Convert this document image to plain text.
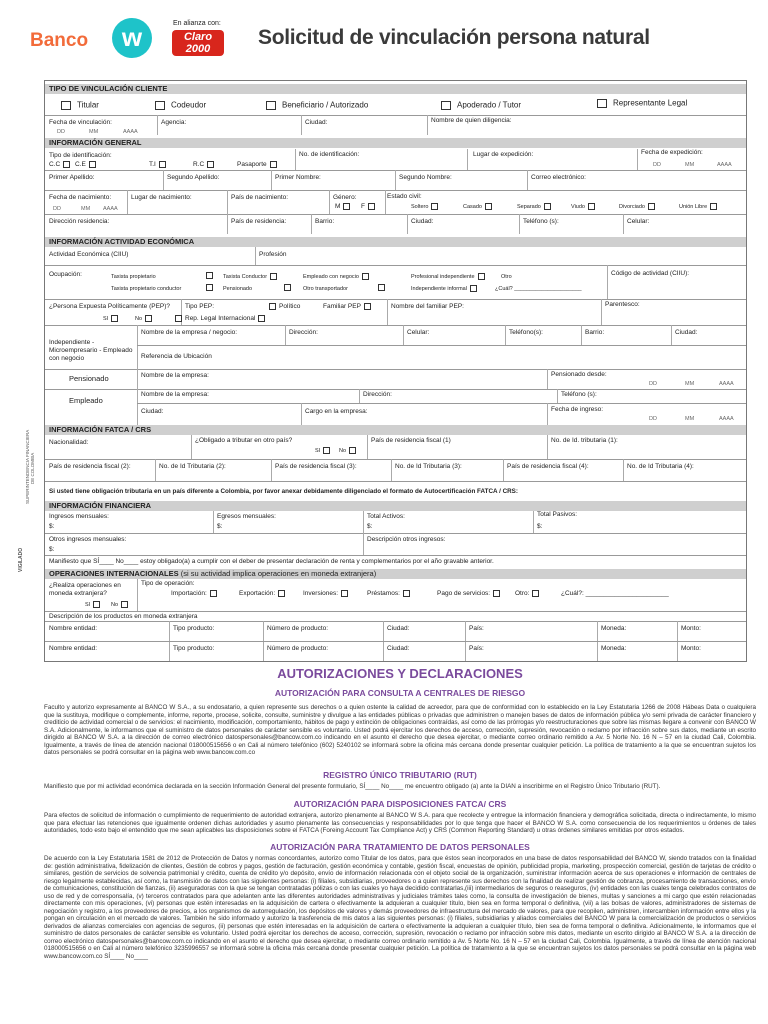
Banco	w	En alianza con:
Claro
2000	Solicitud de vinculación persona natural
VIGILADO
SUPERINTENDENCIA FINANCIERA DE COLOMBIA
TIPO DE VINCULACIÓN CLIENTE
Titular	Codeudor	Beneficiario / Autorizado	Apoderado / Tutor	Representante Legal
Fecha de vinculación:
DD	MM	AAAA
Agencia:	Ciudad:	Nombre de quien diligencia:
INFORMACIÓN GENERAL
Tipo de identificación:
C.C	C.E	T.I	R.C	Pasaporte
No. de identificación:	Lugar de expedición:	Fecha de expedición:
DD	MM	AAAA
Primer Apellido:	Segundo Apellido:	Primer Nombre:	Segundo Nombre:	Correo electrónico:
Fecha de nacimiento:
DD	MM AAAA
Lugar de nacimiento:	País de nacimiento:	Género:
M	F
Estado civil:
Soltero	Casado	Separado	Viudo	Divorciado	Unión Libre
Dirección residencia:	País de residencia:	Barrio:	Ciudad:	Teléfono (s):	Celular:
INFORMACIÓN ACTIVIDAD ECONÓMICA
Actividad Económica (CIIU)	Profesión
Ocupación:	Taxista propietario	Taxista Conductor	Empleado con negocio	Profesional independiente	Otro	Código de actividad (CIIU):
Taxista propietario conductor	Pensionado	Otro transportador	Independiente informal	¿Cuál? ______________________
¿Persona Expuesta Políticamente (PEP)?
SI	No
Tipo PEP:	Político	Familiar PEP
Rep. Legal Internacional
Nombre del familiar PEP:	Parentesco:
Independiente - Microempresario - Empleado con negocio
Nombre de la empresa / negocio:	Dirección:	Celular:	Teléfono(s):	Barrio:	Ciudad:
Referencia de Ubicación
Pensionado	Nombre de la empresa:	Pensionado desde:
DD	MM	AAAA
Empleado
Nombre de la empresa:	Dirección:	Teléfono (s):
Ciudad:	Cargo en la empresa:	Fecha de ingreso:
DD	MM	AAAA
INFORMACIÓN FATCA / CRS
Nacionalidad:	¿Obligado a tributar en otro país?
SI	No
País de residencia fiscal (1)	No. de Id. tributaria (1):
País de residencia fiscal (2):	No. de Id Tributaria (2):	País de residencia fiscal (3):	No. de Id Tributaria (3):	País de residencia fiscal (4):	No. de Id Tributaria (4):
Si usted tiene obligación tributaria en un país diferente a Colombia, por favor anexar debidamente diligenciado el formato de Autocertificación FATCA / CRS:
INFORMACIÓN FINANCIERA
Ingresos mensuales:
$:
Egresos mensuales:
$:
Total Activos:
$:
Total Pasivos:
$:
Otros ingresos mensuales:
$:
Descripción otros ingresos:
Manifiesto que SÍ____ No____ estoy obligado(a) a cumplir con el deber de presentar declaración de renta y complementarios por el año gravable anterior.
OPERACIONES INTERNACIONALES (si su actividad implica operaciones en moneda extranjera)
¿Realiza operaciones en moneda extranjera?
SI	No
Tipo de operación:
Importación:	Exportación:	Inversiones:	Préstamos:	Pago de servicios:	Otro:	¿Cuál?: _______________________
Descripción de los productos en moneda extranjera
Nombre entidad:	Tipo producto:	Número de producto:	Ciudad:	País:	Moneda:	Monto:
Nombre entidad:	Tipo producto:	Número de producto:	Ciudad:	País:	Moneda:	Monto:
AUTORIZACIONES Y DECLARACIONES
AUTORIZACIÓN PARA CONSULTA A CENTRALES DE RIESGO
Faculto y autorizo expresamente al BANCO W S.A., a su endosatario, a quien represente sus derechos o a quien ostente la calidad de acreedor, para que de conformidad con lo establecido en la Ley Estatutaria 1266 de 2008 Hábeas Data o cualquiera que la sustituya, modifique o complemente, informe, reporte, procese, solicite, consulte, suministre y divulgue a las entidades públicas o privadas que administren o manejen bases de datos de información pública y/o semi privada de carácter financiero y crediticio de actividad comercial o de servicios: el nacimiento, modificación, comportamiento, hábitos de pago y extinción de obligaciones contraídas, así como de las prórrogas y/o reestructuraciones que sobre las mismas llegare a convenir con BANCO W S.A. Adicionalmente, le informamos que el suministro de datos personales de carácter sensible es voluntario. Usted podrá ejercitar los derechos de acceso, corrección, supresión, revocación o reclamo por infracción sobre sus datos, mediante un escrito dirigido al BANCO W S.A. a la dirección de correo electrónico datospersonales@bancow.com.co indicando en el asunto el derecho que desea ejercitar, o mediante correo ordinario remitido a Av. 5 Norte No. 16 N – 57 en la ciudad Cali, Colombia. Igualmente, a través de línea de atención nacional 018000515656 o en Cali al número telefónico (602) 5240102 se informará sobre la oficina más cercana donde presentar cualquier petición. La política de tratamiento a la que se encuentran sujetos los datos personales se podrá consultar en la página web www.bancow.com.co
REGISTRO ÚNICO TRIBUTARIO (RUT)
Manifiesto que por mi actividad económica declarada en la sección Información General del presente formulario, SÍ____ No____ me encuentro obligado (a) ante la DIAN a inscribirme en el Registro Único Tributario (RUT).
AUTORIZACIÓN PARA DISPOSICIONES FATCA/ CRS
Para efectos de solicitud de información o cumplimiento de requerimiento de autoridad extranjera, autorizo plenamente al BANCO W S.A. para que recolecte y entregue la información financiera y demográfica solicitada, directa o indirectamente, lo mismo que para efectuar las retenciones que igualmente ordenen dichas autoridades y asumo plenamente las consecuencias y responsabilidades por lo que tenga que hacer el BANCO W S.A. como consecuencia de los requerimientos u órdenes de tales autoridades, todo esto bajo el entendido que me sean aplicables las disposiciones sobre el FATCA (Foreing Account Tax Compliance Act) y CRS (Common Reporting Standard) u otras órdenes similares emitidas por otros estados.
AUTORIZACIÓN PARA TRATAMIENTO DE DATOS PERSONALES
De acuerdo con la Ley Estatutaria 1581 de 2012 de Protección de Datos y normas concordantes, autorizo como Titular de los datos, para que éstos sean incorporados en una base de datos responsabilidad del BANCO W, siendo tratados con la finalidad de: gestión administrativa, fidelización de clientes, Gestión de cobros y pagos, gestión de facturación, gestión económica y contable, gestión fiscal, encuestas de opinión, publicidad propia, marketing, prospección comercial, gestión de tarjetas de crédito o similares, gestión de servicios de solvencia patrimonial y crédito, cuenta de crédito y/o depósito, envío de información relacionada con el objeto social de la organización, suministrar información acerca de sus operaciones e información de centrales de riesgo legalmente establecidas, así como, la transmisión de datos con las siguientes personas: (i) filiales, subsidiarias, proveedores o a quien represente sus derechos con la finalidad de realizar gestión de cobranza, procesamiento de transacciones, envío de comunicaciones, constitución de fianzas, (ii) aseguradoras con la que se tengan contratadas pólizas o con las cuales yo haya decidido contratarlas,(iii) intermediarios de seguros o reaseguros, (iv) entidades con las cuales tenga celebrados contratos de uso de red y de corresponsalía, (v) terceros contratados para que adelanten ante las diferentes autoridades administrativas y judiciales trámites tales como, la consulta de investigación de bienes, multas y sanciones a mi cargo que estén relacionadas directamente con mis operaciones, (vi) personas que estén interesadas en la adquisición de cartera o efectivamente la adquieran a cualquier título, bien sea en forma temporal o definitiva, (vii) a las bolsas de valores, administradores de sistemas de negociación y registro, a los proveedores de precios, a los organismos de autorregulación, los depósitos de valores y demás proveedores de infraestructura del mercado de valores, para que recopilen, administren, intercambien información entre ellos y la pongan en circulación en el mercado de valores. También he sido informado y autorizo la trasferencia de mis datos a las siguientes personas: (i) filiales, subsidiarias y aliados comerciales del BANCO W para la comercialización de productos o servicios derivados de alianzas comerciales con agencias de seguros, (ii) personas que estén interesadas en la adquisición de cartera o efectivamente la adquieran a cualquier título, bien sea de forma temporal o definitiva. Adicionalmente, le informamos que el suministro de datos personales de carácter sensible es voluntario. Usted podrá ejercitar los derechos de acceso, corrección, supresión, revocación o reclamo por infracción sobre mis datos, mediante un escrito dirigido al BANCO W S.A. a la dirección de correo electrónico datospersonales@bancow.com.co indicando en el asunto el derecho que desea ejercitar, o mediante correo ordinario remitido a Av. 5 Norte No. 16 N – 57 en la ciudad Cali, Colombia. Igualmente, a través de línea de atención nacional 018000515656 o en Cali al número telefónico 3235996557 se informará sobre la oficina más cercana donde presentar cualquier petición. La política de tratamiento a la que se encuentran sujetos los datos personales se podrá consultar en la página web www.bancow.com.co SÍ____ No____
